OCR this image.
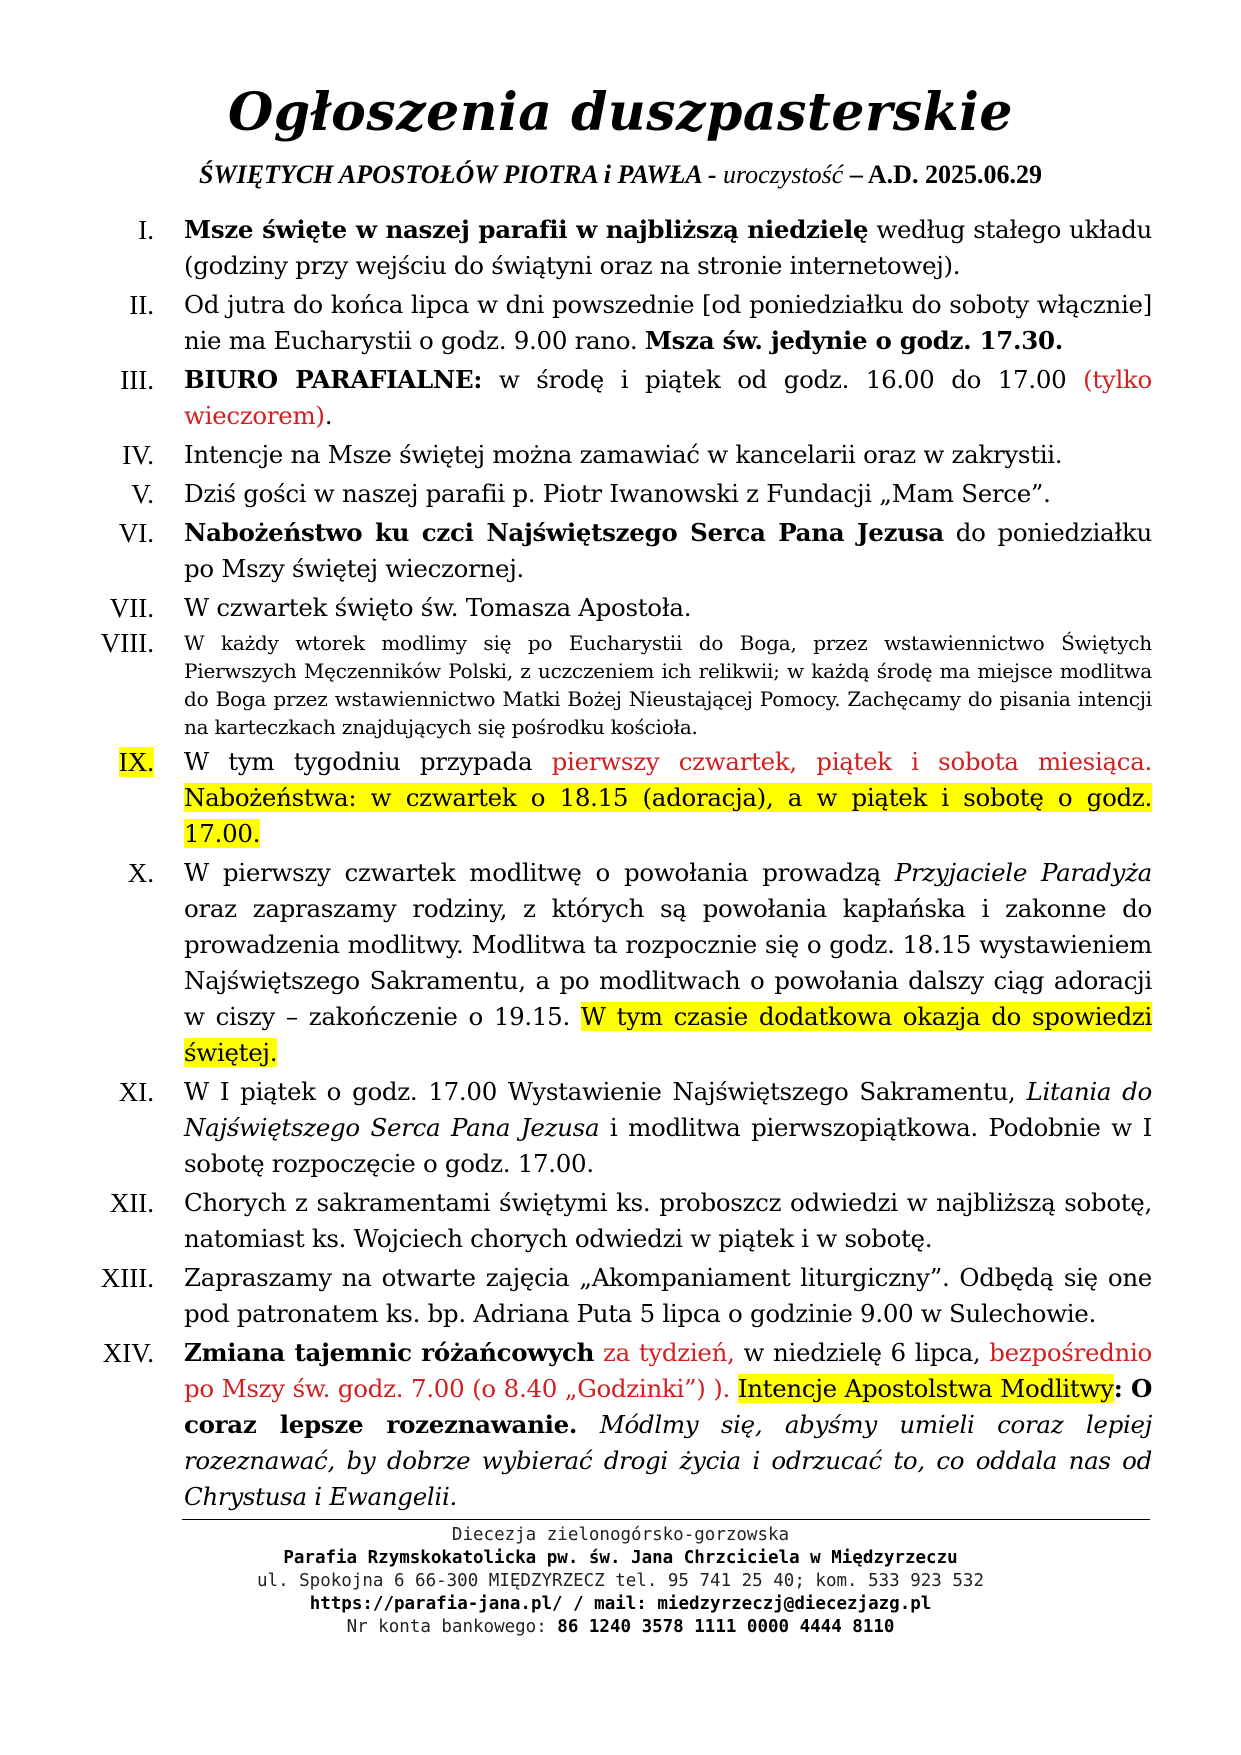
Ogłoszenia duszpasterskie
ŚWIĘTYCH APOSTOŁÓW PIOTRA i PAWŁA - uroczystość – A.D. 2025.06.29
I.	Msze święte w naszej parafii w najbliższą niedzielę według stałego układu (godziny przy wejściu do świątyni oraz na stronie internetowej).
II.	Od jutra do końca lipca w dni powszednie [od poniedziałku do soboty włącznie] nie ma Eucharystii o godz. 9.00 rano. Msza św. jedynie o godz. 17.30.
III.	BIURO PARAFIALNE: w środę i piątek od godz. 16.00 do 17.00 (tylko wieczorem).
IV.	Intencje na Msze świętej można zamawiać w kancelarii oraz w zakrystii.
V.	Dziś gości w naszej parafii p. Piotr Iwanowski z Fundacji „Mam Serce”.
VI.	Nabożeństwo ku czci Najświętszego Serca Pana Jezusa do poniedziałku po Mszy świętej wieczornej.
VII.	W czwartek święto św. Tomasza Apostoła.
VIII.	W każdy wtorek modlimy się po Eucharystii do Boga, przez wstawiennictwo Świętych Pierwszych Męczenników Polski, z uczczeniem ich relikwii; w każdą środę ma miejsce modlitwa do Boga przez wstawiennictwo Matki Bożej Nieustającej Pomocy. Zachęcamy do pisania intencji na karteczkach znajdujących się pośrodku kościoła.
IX.	W tym tygodniu przypada pierwszy czwartek, piątek i sobota miesiąca. Nabożeństwa: w czwartek o 18.15 (adoracja), a w piątek i sobotę o godz. 17.00.
X.	W pierwszy czwartek modlitwę o powołania prowadzą Przyjaciele Paradyża oraz zapraszamy rodziny, z których są powołania kapłańska i zakonne do prowadzenia modlitwy. Modlitwa ta rozpocznie się o godz. 18.15 wystawieniem Najświętszego Sakramentu, a po modlitwach o powołania dalszy ciąg adoracji w ciszy – zakończenie o 19.15. W tym czasie dodatkowa okazja do spowiedzi świętej.
XI.	W I piątek o godz. 17.00 Wystawienie Najświętszego Sakramentu, Litania do Najświętszego Serca Pana Jezusa i modlitwa pierwszopiątkowa. Podobnie w I sobotę rozpoczęcie o godz. 17.00.
XII.	Chorych z sakramentami świętymi ks. proboszcz odwiedzi w najbliższą sobotę, natomiast ks. Wojciech chorych odwiedzi w piątek i w sobotę.
XIII.	Zapraszamy na otwarte zajęcia „Akompaniament liturgiczny”. Odbędą się one pod patronatem ks. bp. Adriana Puta 5 lipca o godzinie 9.00 w Sulechowie.
XIV.	Zmiana tajemnic różańcowych za tydzień, w niedzielę 6 lipca, bezpośrednio po Mszy św. godz. 7.00 (o 8.40 „Godzinki”) ). Intencje Apostolstwa Modlitwy: O coraz lepsze rozeznawanie. Módlmy się, abyśmy umieli coraz lepiej rozeznawać, by dobrze wybierać drogi życia i odrzucać to, co oddala nas od Chrystusa i Ewangelii.
Diecezja zielonogórsko-gorzowska
Parafia Rzymskokatolicka pw. św. Jana Chrzciciela w Międzyrzeczu
ul. Spokojna 6 66-300 MIĘDZYRZECZ tel. 95 741 25 40; kom. 533 923 532
https://parafia-jana.pl/ / mail: miedzyrzeczj@diecezjazg.pl
Nr konta bankowego: 86 1240 3578 1111 0000 4444 8110
